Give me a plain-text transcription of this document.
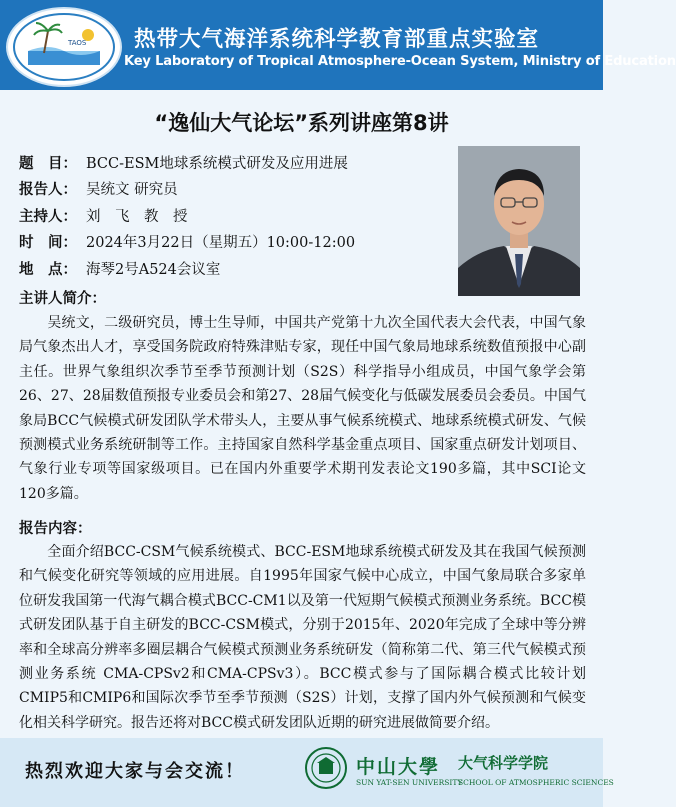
TAOS 热带大气海洋系统科学教育部重点实验室
Key Laboratory of Tropical Atmosphere-Ocean System, Ministry of Education
“逸仙大气论坛”系列讲座第8讲
题　目： BCC-ESM地球系统模式研发及应用进展
报告人： 吴统文 研究员
主持人： 刘　飞　教　授
时　间： 2024年3月22日（星期五）10:00-12:00
地　点： 海琴2号A524会议室
主讲人简介：

　　吴统文，二级研究员，博士生导师，中国共产党第十九次全国代表大会代表，中国气象局气象杰出人才，享受国务院政府特殊津贴专家，现任中国气象局地球系统数值预报中心副主任。世界气象组织次季节至季节预测计划（S2S）科学指导小组成员，中国气象学会第26、27、28届数值预报专业委员会和第27、28届气候变化与低碳发展委员会委员。中国气象局BCC气候模式研发团队学术带头人，主要从事气候系统模式、地球系统模式研发、气候预测模式业务系统研制等工作。主持国家自然科学基金重点项目、国家重点研发计划项目、气象行业专项等国家级项目。已在国内外重要学术期刊发表论文190多篇，其中SCI论文120多篇。

报告内容：

　　全面介绍BCC-CSM气候系统模式、BCC-ESM地球系统模式研发及其在我国气候预测和气候变化研究等领域的应用进展。自1995年国家气候中心成立，中国气象局联合多家单位研发我国第一代海气耦合模式BCC-CM1以及第一代短期气候模式预测业务系统。BCC模式研发团队基于自主研发的BCC-CSM模式，分别于2015年、2020年完成了全球中等分辨率和全球高分辨率多圈层耦合气候模式预测业务系统研发（简称第二代、第三代气候模式预测业务系统 CMA-CPSv2和CMA-CPSv3）。BCC模式参与了国际耦合模式比较计划CMIP5和CMIP6和国际次季节至季节预测（S2S）计划，支撑了国内外气候预测和气候变化相关科学研究。报告还将对BCC模式研发团队近期的研究进展做简要介绍。

热烈欢迎大家与会交流！	中山大學
SUN YAT-SEN UNIVERSITY
大气科学学院
SCHOOL OF ATMOSPHERIC SCIENCES
